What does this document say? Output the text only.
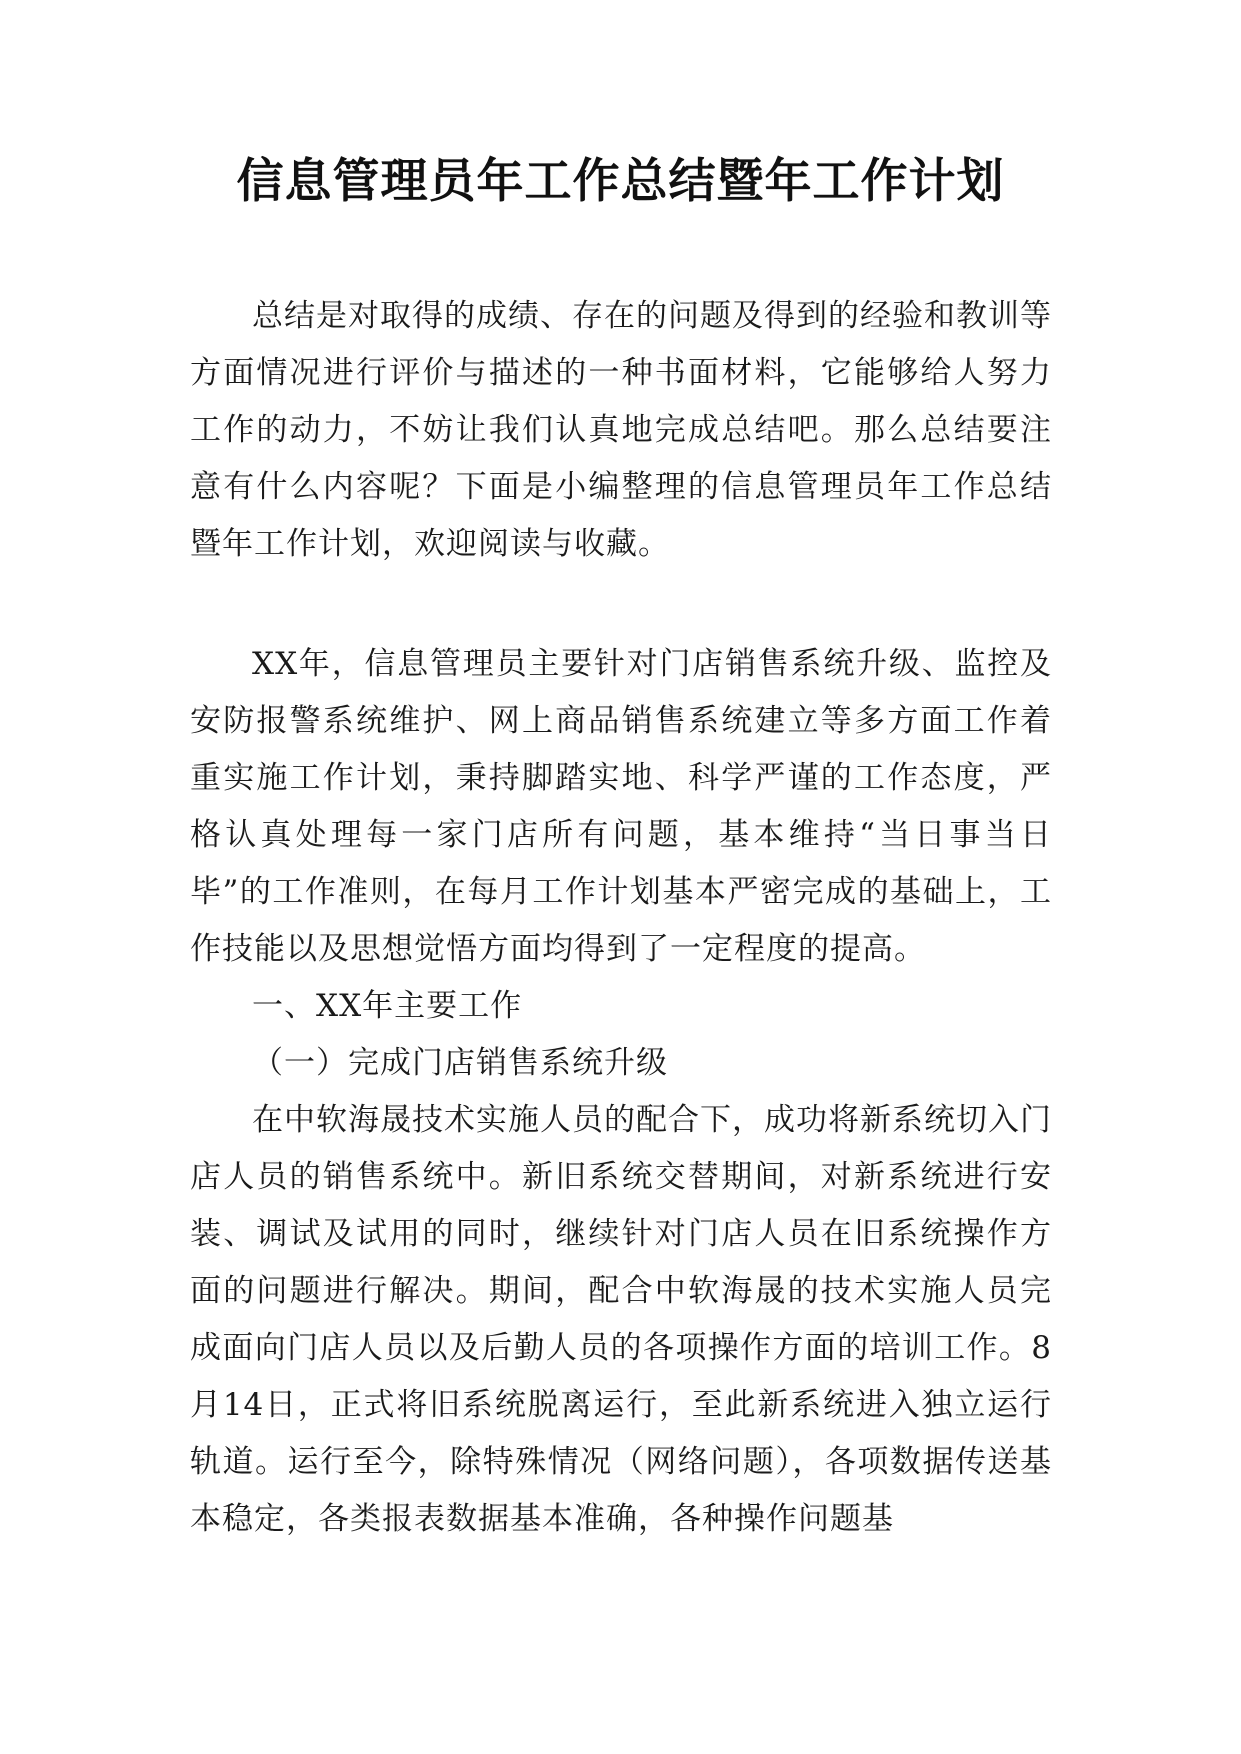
信息管理员年工作总结暨年工作计划

总结是对取得的成绩、存在的问题及得到的经验和教训等方面情况进行评价与描述的一种书面材料，它能够给人努力工作的动力，不妨让我们认真地完成总结吧。那么总结要注意有什么内容呢？下面是小编整理的信息管理员年工作总结暨年工作计划，欢迎阅读与收藏。

XX年，信息管理员主要针对门店销售系统升级、监控及安防报警系统维护、网上商品销售系统建立等多方面工作着重实施工作计划，秉持脚踏实地、科学严谨的工作态度，严格认真处理每一家门店所有问题，基本维持“当日事当日毕”的工作准则，在每月工作计划基本严密完成的基础上，工作技能以及思想觉悟方面均得到了一定程度的提高。

一、XX年主要工作

（一）完成门店销售系统升级

在中软海晟技术实施人员的配合下，成功将新系统切入门店人员的销售系统中。新旧系统交替期间，对新系统进行安装、调试及试用的同时，继续针对门店人员在旧系统操作方面的问题进行解决。期间，配合中软海晟的技术实施人员完成面向门店人员以及后勤人员的各项操作方面的培训工作。8月14日，正式将旧系统脱离运行，至此新系统进入独立运行轨道。运行至今，除特殊情况（网络问题），各项数据传送基本稳定，各类报表数据基本准确，各种操作问题基
